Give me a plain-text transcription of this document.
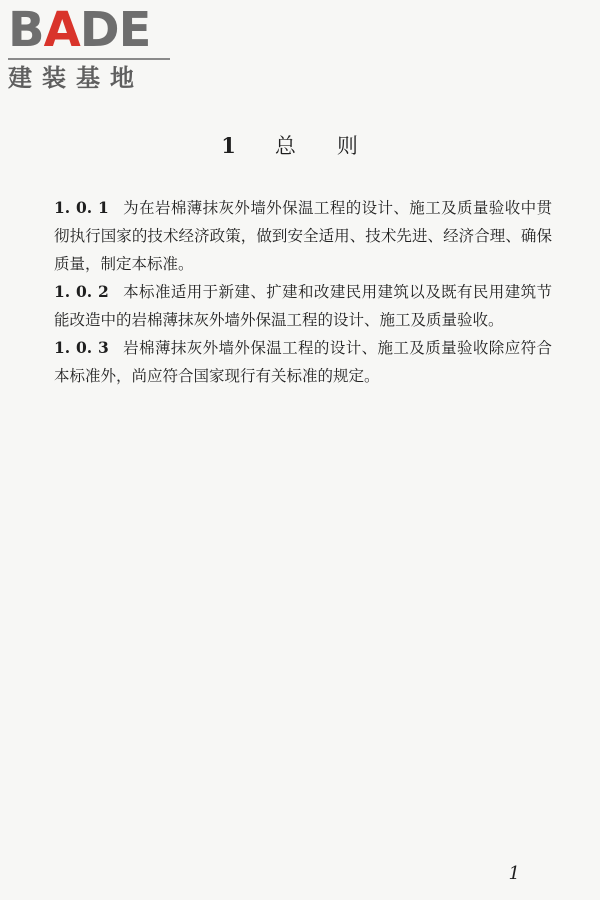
BADE
建装基地
1 总 则

1. 0. 1 为在岩棉薄抹灰外墙外保温工程的设计、施工及质量验收中贯彻执行国家的技术经济政策，做到安全适用、技术先进、经济合理、确保质量，制定本标准。

1. 0. 2 本标准适用于新建、扩建和改建民用建筑以及既有民用建筑节能改造中的岩棉薄抹灰外墙外保温工程的设计、施工及质量验收。

1. 0. 3 岩棉薄抹灰外墙外保温工程的设计、施工及质量验收除应符合本标准外，尚应符合国家现行有关标准的规定。

1
